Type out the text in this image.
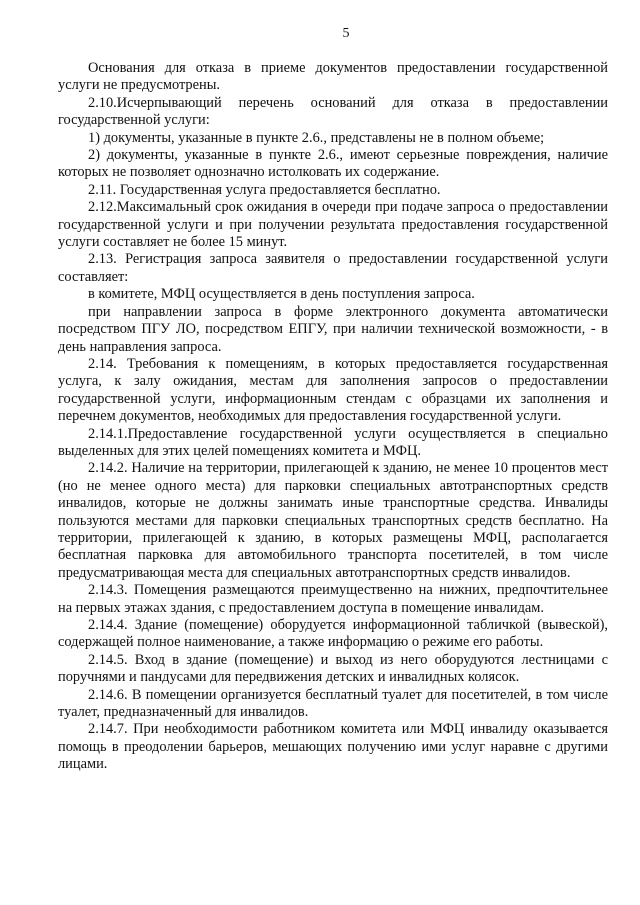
5

Основания для отказа в приеме документов предоставлении государственной услуги не предусмотрены.

2.10.Исчерпывающий перечень оснований для отказа в предоставлении государственной услуги:

1) документы, указанные в пункте 2.6., представлены не в полном объеме;

2) документы, указанные в пункте 2.6., имеют серьезные повреждения, наличие которых не позволяет однозначно истолковать их содержание.

2.11. Государственная услуга предоставляется бесплатно.

2.12.Максимальный срок ожидания в очереди при подаче запроса о предоставлении государственной услуги и при получении результата предоставления государственной услуги составляет не более 15 минут.

2.13. Регистрация запроса заявителя о предоставлении государственной услуги составляет:

в комитете, МФЦ осуществляется в день поступления запроса.

при направлении запроса в форме электронного документа автоматически посредством ПГУ ЛО, посредством ЕПГУ, при наличии технической возможности, - в день направления запроса.

2.14. Требования к помещениям, в которых предоставляется государственная услуга, к залу ожидания, местам для заполнения запросов о предоставлении государственной услуги, информационным стендам с образцами их заполнения и перечнем документов, необходимых для предоставления государственной услуги.

2.14.1.Предоставление государственной услуги осуществляется в специально выделенных для этих целей помещениях комитета и МФЦ.

2.14.2. Наличие на территории, прилегающей к зданию, не менее 10 процентов мест (но не менее одного места) для парковки специальных автотранспортных средств инвалидов, которые не должны занимать иные транспортные средства. Инвалиды пользуются местами для парковки специальных транспортных средств бесплатно. На территории, прилегающей к зданию, в которых размещены МФЦ, располагается бесплатная парковка для автомобильного транспорта посетителей, в том числе предусматривающая места для специальных автотранспортных средств инвалидов.

2.14.3. Помещения размещаются преимущественно на нижних, предпочтительнее на первых этажах здания, с предоставлением доступа в помещение инвалидам.

2.14.4. Здание (помещение) оборудуется информационной табличкой (вывеской), содержащей полное наименование, а также информацию о режиме его работы.

2.14.5. Вход в здание (помещение) и выход из него оборудуются лестницами с поручнями и пандусами для передвижения детских и инвалидных колясок.

2.14.6. В помещении организуется бесплатный туалет для посетителей, в том числе туалет, предназначенный для инвалидов.

2.14.7. При необходимости работником комитета или МФЦ инвалиду оказывается помощь в преодолении барьеров, мешающих получению ими услуг наравне с другими лицами.
